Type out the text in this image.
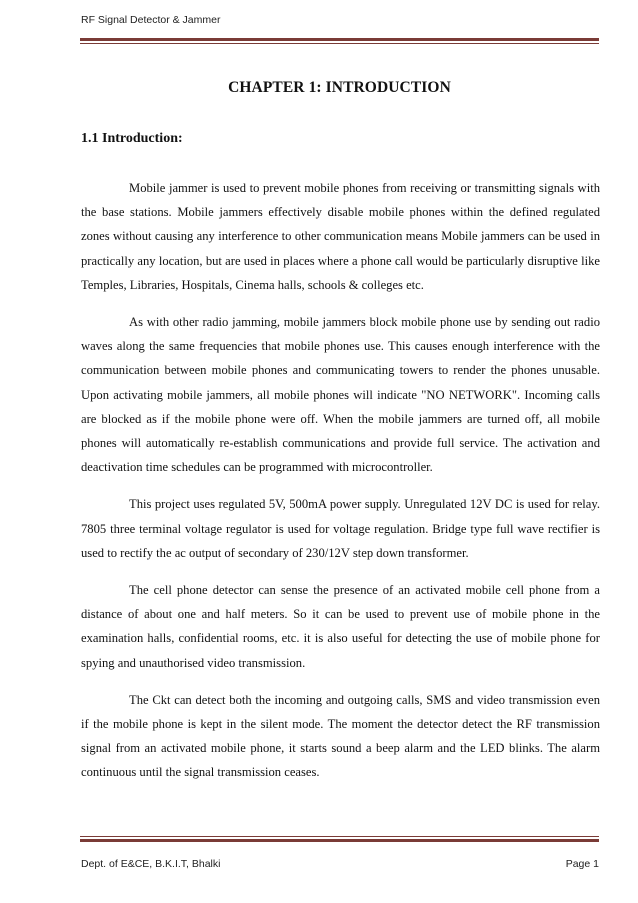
RF Signal Detector & Jammer
CHAPTER 1: INTRODUCTION
1.1 Introduction:

Mobile jammer is used to prevent mobile phones from receiving or transmitting signals with the base stations. Mobile jammers effectively disable mobile phones within the defined regulated zones without causing any interference to other communication means Mobile jammers can be used in practically any location, but are used in places where a phone call would be particularly disruptive like Temples, Libraries, Hospitals, Cinema halls, schools & colleges etc.

As with other radio jamming, mobile jammers block mobile phone use by sending out radio waves along the same frequencies that mobile phones use. This causes enough interference with the communication between mobile phones and communicating towers to render the phones unusable. Upon activating mobile jammers, all mobile phones will indicate "NO NETWORK". Incoming calls are blocked as if the mobile phone were off. When the mobile jammers are turned off, all mobile phones will automatically re-establish communications and provide full service. The activation and deactivation time schedules can be programmed with microcontroller.

This project uses regulated 5V, 500mA power supply. Unregulated 12V DC is used for relay. 7805 three terminal voltage regulator is used for voltage regulation. Bridge type full wave rectifier is used to rectify the ac output of secondary of 230/12V step down transformer.

The cell phone detector can sense the presence of an activated mobile cell phone from a distance of about one and half meters. So it can be used to prevent use of mobile phone in the examination halls, confidential rooms, etc. it is also useful for detecting the use of mobile phone for spying and unauthorised video transmission.

The Ckt can detect both the incoming and outgoing calls, SMS and video transmission even if the mobile phone is kept in the silent mode. The moment the detector detect the RF transmission signal from an activated mobile phone, it starts sound a beep alarm and the LED blinks. The alarm continuous until the signal transmission ceases.

Dept. of E&CE, B.K.I.T, Bhalki	Page 1
